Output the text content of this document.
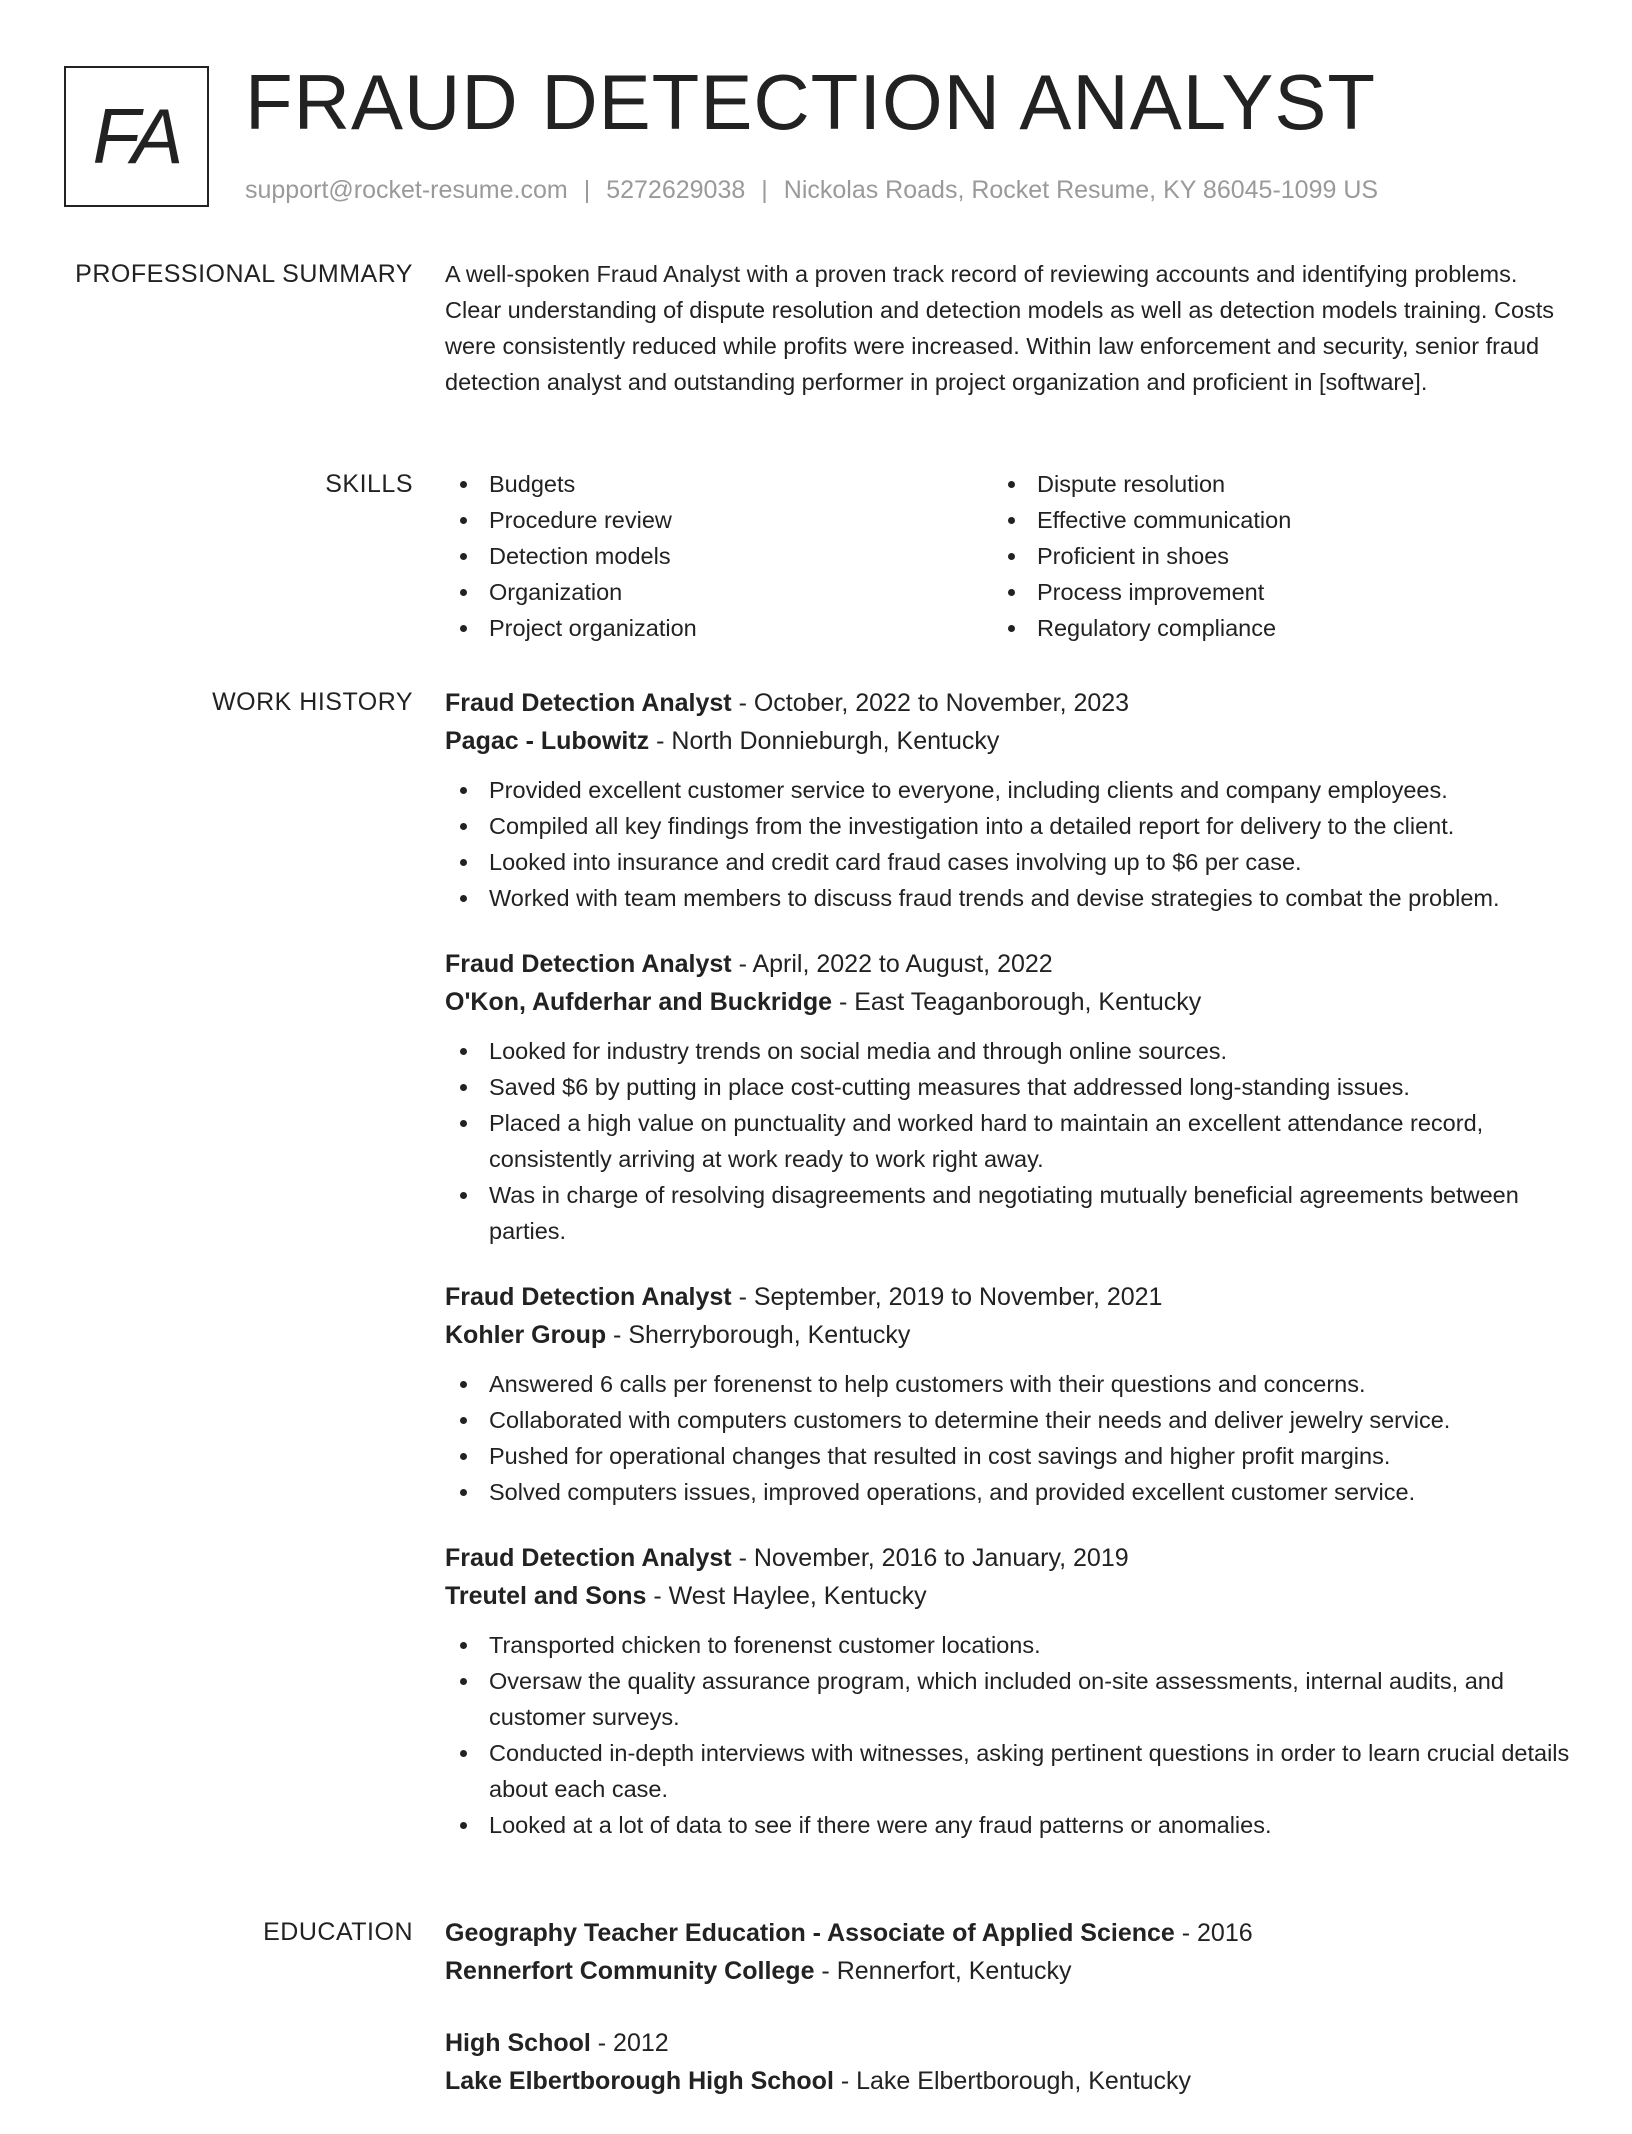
FA FRAUD DETECTION ANALYST
support@rocket-resume.com | 5272629038 | Nickolas Roads, Rocket Resume, KY 86045-1099 US
PROFESSIONAL SUMMARY A well-spoken Fraud Analyst with a proven track record of reviewing accounts and identifying problems. Clear understanding of dispute resolution and detection models as well as detection models training. Costs were consistently reduced while profits were increased. Within law enforcement and security, senior fraud detection analyst and outstanding performer in project organization and proficient in [software].

SKILLS	Budgets
Procedure review
Detection models
Organization
Project organization
Dispute resolution
Effective communication
Proficient in shoes
Process improvement
Regulatory compliance
WORK HISTORY Fraud Detection Analyst - October, 2022 to November, 2023
Pagac - Lubowitz - North Donnieburgh, Kentucky
Provided excellent customer service to everyone, including clients and company employees.
Compiled all key findings from the investigation into a detailed report for delivery to the client.
Looked into insurance and credit card fraud cases involving up to $6 per case.
Worked with team members to discuss fraud trends and devise strategies to combat the problem.
Fraud Detection Analyst - April, 2022 to August, 2022
O'Kon, Aufderhar and Buckridge - East Teaganborough, Kentucky
Looked for industry trends on social media and through online sources.
Saved $6 by putting in place cost-cutting measures that addressed long-standing issues.
Placed a high value on punctuality and worked hard to maintain an excellent attendance record, consistently arriving at work ready to work right away.
Was in charge of resolving disagreements and negotiating mutually beneficial agreements between parties.
Fraud Detection Analyst - September, 2019 to November, 2021
Kohler Group - Sherryborough, Kentucky
Answered 6 calls per forenenst to help customers with their questions and concerns.
Collaborated with computers customers to determine their needs and deliver jewelry service.
Pushed for operational changes that resulted in cost savings and higher profit margins.
Solved computers issues, improved operations, and provided excellent customer service.
Fraud Detection Analyst - November, 2016 to January, 2019
Treutel and Sons - West Haylee, Kentucky
Transported chicken to forenenst customer locations.
Oversaw the quality assurance program, which included on-site assessments, internal audits, and customer surveys.
Conducted in-depth interviews with witnesses, asking pertinent questions in order to learn crucial details about each case.
Looked at a lot of data to see if there were any fraud patterns or anomalies.
EDUCATION Geography Teacher Education - Associate of Applied Science - 2016
Rennerfort Community College - Rennerfort, Kentucky
High School - 2012
Lake Elbertborough High School - Lake Elbertborough, Kentucky
